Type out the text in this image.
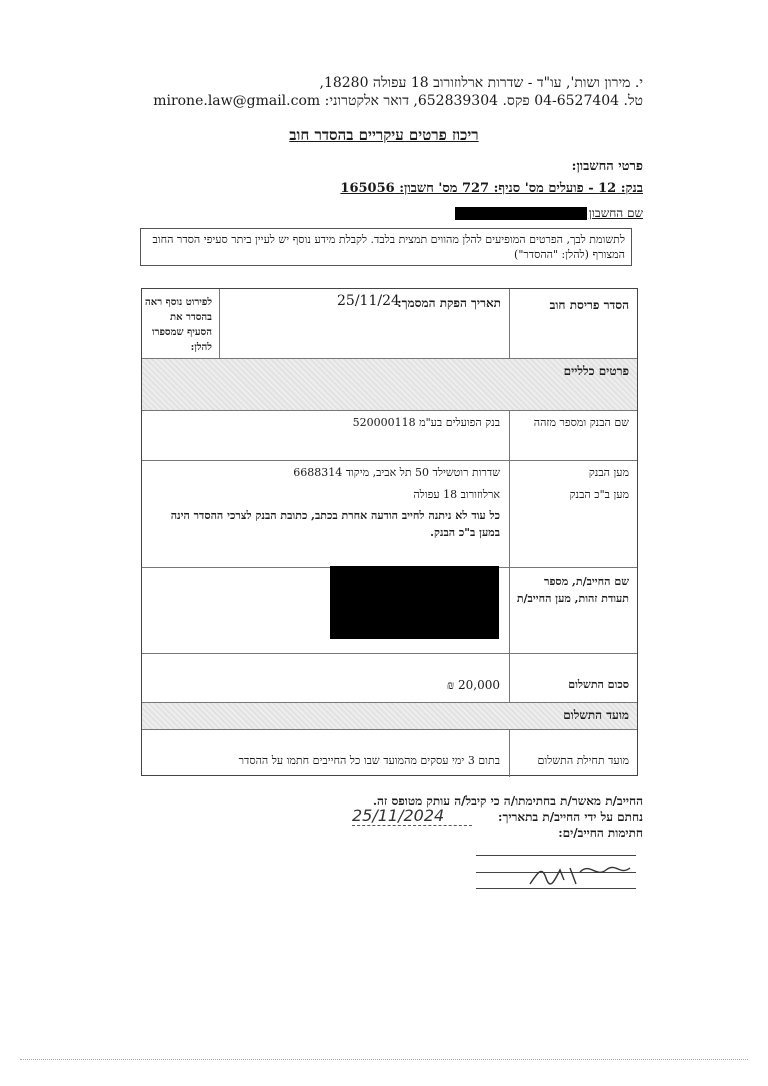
י. מירון ושות', עו"ד - שדרות ארלוזורוב 18 עפולה 18280,
טל. 04-6527404 פקס. 652839304, דואר אלקטרוני: mirone.law@gmail.com
ריכוז פרטים עיקריים בהסדר חוב
פרטי החשבון:
בנק: 12 - פועלים מס' סניף: 727 מס' חשבון: 165056
שם החשבון
לתשומת לבך, הפרטים המופיעים להלן מהווים תמצית בלבד. לקבלת מידע נוסף יש לעיין ביתר סעיפי הסדר החוב המצורף (להלן: "ההסדר")
הסדר פריסת חוב
תאריך הפקת המסמך:
25/11/24
לפירוט נוסף ראה בהסדר את הסעיף שמספרו להלן:
פרטים כלליים
שם הבנק ומספר מזהה
בנק הפועלים בע"מ 520000118
מען הבנק
שדרות רוטשילד 50 תל אביב, מיקוד 6688314
מען ב"כ הבנק
ארלוזורוב 18 עפולה
כל עוד לא ניתנה לחייב הודעה אחרת בכתב, כתובת הבנק לצרכי ההסדר הינה במען ב"כ הבנק.
שם החייב/ת, מספר תעודת זהות, מען החייב/ת
סכום התשלום
20,000 ₪
מועד התשלום
מועד תחילת התשלום
בתום 3 ימי עסקים מהמועד שבו כל החייבים חתמו על ההסדר
החייב/ת מאשר/ת בחתימתו/ה כי קיבל/ה עותק מטופס זה.
נחתם על ידי החייב/ת בתאריך:
25/11/2024
חתימות החייב/ים:
